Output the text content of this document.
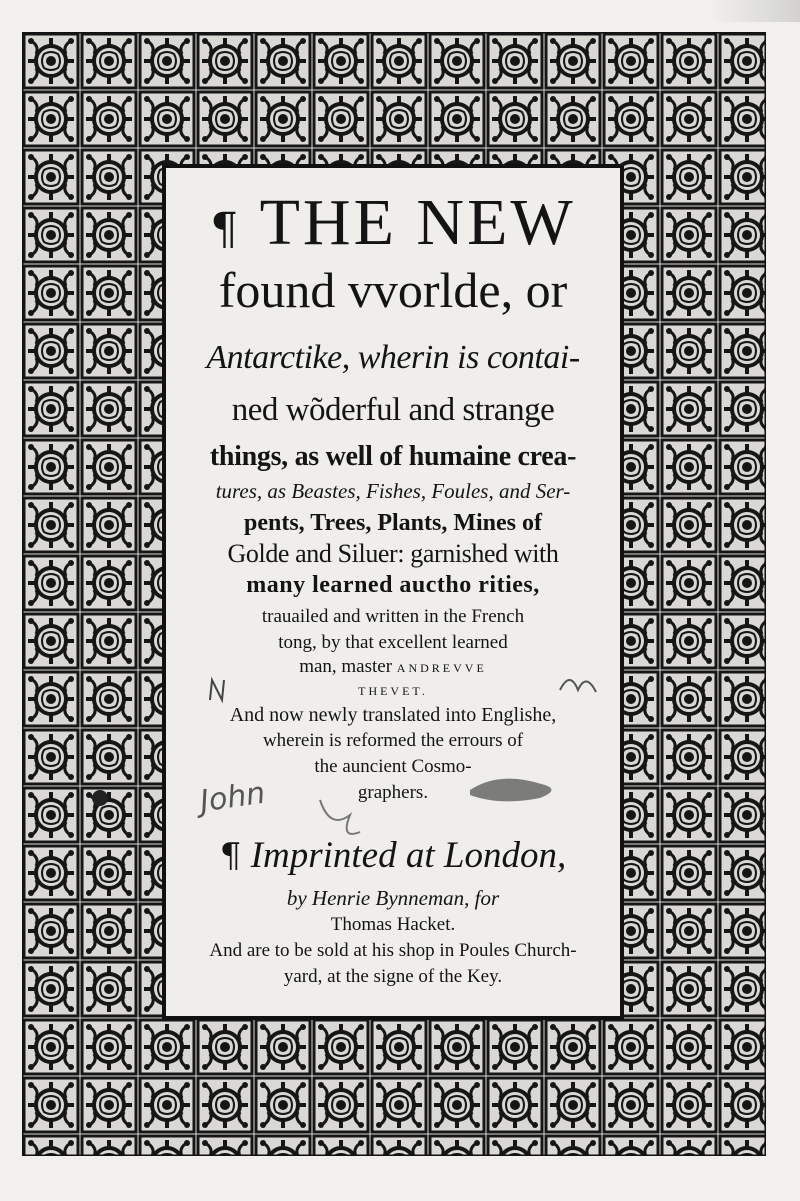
¶ THE NEW
found vvorlde, or
Antarctike, wherin is contai-
ned wõderful and strange
things, as well of humaine crea-
tures, as Beastes, Fishes, Foules, and Ser-
pents, Trees, Plants, Mines of
Golde and Siluer: garnished with
many learned auctho rities,
trauailed and written in the French
tong, by that excellent learned
man, master ANDREVVE
THEVET.
And now newly translated into Englishe,
wherein is reformed the errours of
the auncient Cosmo-
graphers.
¶ Imprinted at London,
by Henrie Bynneman, for
Thomas Hacket.
And are to be sold at his shop in Poules Church-
yard, at the signe of the Key.
John
